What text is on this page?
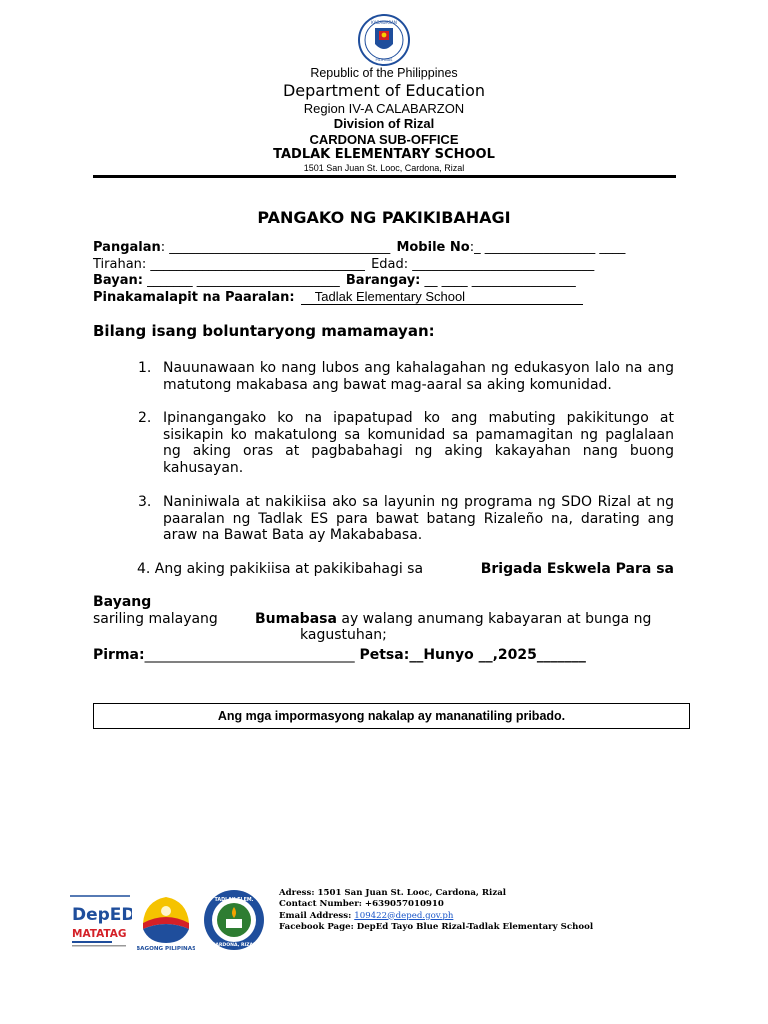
KAGAWARAN
PILIPINAS
Republic of the Philippines
Department of Education
Region IV-A CALABARZON
Division of Rizal
CARDONA SUB-OFFICE
TADLAK ELEMENTARY SCHOOL
1501 San Juan St. Looc, Cardona, Rizal
PANGAKO NG PAKIKIBAHAGI
Pangalan: __________________________________ Mobile No:_ _________________ ____
Tirahan: _________________________________ Edad: ____________________________
Bayan: _______ ______________________ Barangay: __ ____ ________________
Pinakamalapit na Paaralan: Tadlak Elementary School
Bilang isang boluntaryong mamamayan:
1. Nauunawaan ko nang lubos ang kahalagahan ng edukasyon lalo na ang matutong makabasa ang bawat mag-aaral sa aking komunidad.
2. Ipinangangako ko na ipapatupad ko ang mabuting pakikitungo at sisikapin ko makatulong sa komunidad sa pamamagitan ng paglalaan ng aking oras at pagbabahagi ng aking kakayahan nang buong kahusayan.
3. Naniniwala at nakikiisa ako sa layunin ng programa ng SDO Rizal at ng paaralan ng Tadlak ES para bawat batang Rizaleño na, darating ang araw na Bawat Bata ay Makababasa.
4. Ang aking pakikiisa at pakikibahagi sa	Brigada Eskwela Para sa

Bayang

Bumabasa ay walang anumang kabayaran at bunga ng

sariling malayang

kagustuhan;

Pirma:______________________________ Petsa:__Hunyo __,2025_______
Ang mga impormasyong nakalap ay mananatiling pribado.
DepED
MATATAG
BAGONG PILIPINAS
TADLAK ELEM.
CARDONA, RIZAL
Adress: 1501 San Juan St. Looc, Cardona, Rizal
Contact Number: +639057010910
Email Address: 109422@deped.gov.ph
Facebook Page: DepEd Tayo Blue Rizal-Tadlak Elementary School
